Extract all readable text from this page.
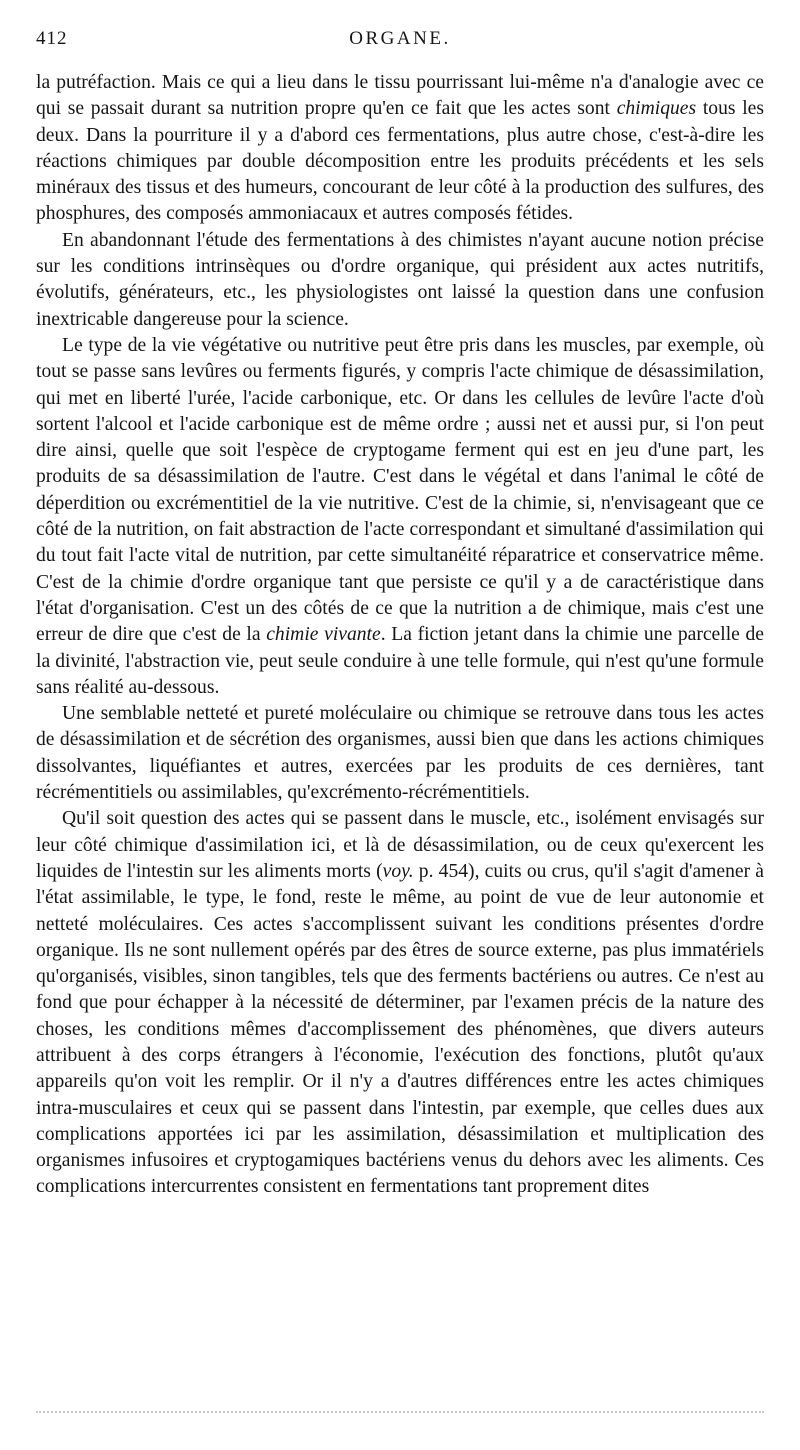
412	ORGANE.

la putréfaction. Mais ce qui a lieu dans le tissu pourrissant lui-même n'a d'analogie avec ce qui se passait durant sa nutrition propre qu'en ce fait que les actes sont chimiques tous les deux. Dans la pourriture il y a d'abord ces fermentations, plus autre chose, c'est-à-dire les réactions chimiques par double décomposition entre les produits précédents et les sels minéraux des tissus et des humeurs, concourant de leur côté à la production des sulfures, des phosphures, des composés ammoniacaux et autres composés fétides.

En abandonnant l'étude des fermentations à des chimistes n'ayant aucune notion précise sur les conditions intrinsèques ou d'ordre organique, qui président aux actes nutritifs, évolutifs, générateurs, etc., les physiologistes ont laissé la question dans une confusion inextricable dangereuse pour la science.

Le type de la vie végétative ou nutritive peut être pris dans les muscles, par exemple, où tout se passe sans levûres ou ferments figurés, y compris l'acte chimique de désassimilation, qui met en liberté l'urée, l'acide carbonique, etc. Or dans les cellules de levûre l'acte d'où sortent l'alcool et l'acide carbonique est de même ordre ; aussi net et aussi pur, si l'on peut dire ainsi, quelle que soit l'espèce de cryptogame ferment qui est en jeu d'une part, les produits de sa désassimilation de l'autre. C'est dans le végétal et dans l'animal le côté de déperdition ou excrémentitiel de la vie nutritive. C'est de la chimie, si, n'envisageant que ce côté de la nutrition, on fait abstraction de l'acte correspondant et simultané d'assimilation qui du tout fait l'acte vital de nutrition, par cette simultanéité réparatrice et conservatrice même. C'est de la chimie d'ordre organique tant que persiste ce qu'il y a de caractéristique dans l'état d'organisation. C'est un des côtés de ce que la nutrition a de chimique, mais c'est une erreur de dire que c'est de la chimie vivante. La fiction jetant dans la chimie une parcelle de la divinité, l'abstraction vie, peut seule conduire à une telle formule, qui n'est qu'une formule sans réalité au-dessous.

Une semblable netteté et pureté moléculaire ou chimique se retrouve dans tous les actes de désassimilation et de sécrétion des organismes, aussi bien que dans les actions chimiques dissolvantes, liquéfiantes et autres, exercées par les produits de ces dernières, tant récrémentitiels ou assimilables, qu'excrémento-récrémentitiels.

Qu'il soit question des actes qui se passent dans le muscle, etc., isolément envisagés sur leur côté chimique d'assimilation ici, et là de désassimilation, ou de ceux qu'exercent les liquides de l'intestin sur les aliments morts (voy. p. 454), cuits ou crus, qu'il s'agit d'amener à l'état assimilable, le type, le fond, reste le même, au point de vue de leur autonomie et netteté moléculaires. Ces actes s'accomplissent suivant les conditions présentes d'ordre organique. Ils ne sont nullement opérés par des êtres de source externe, pas plus immatériels qu'organisés, visibles, sinon tangibles, tels que des ferments bactériens ou autres. Ce n'est au fond que pour échapper à la nécessité de déterminer, par l'examen précis de la nature des choses, les conditions mêmes d'accomplissement des phénomènes, que divers auteurs attribuent à des corps étrangers à l'économie, l'exécution des fonctions, plutôt qu'aux appareils qu'on voit les remplir. Or il n'y a d'autres différences entre les actes chimiques intra-musculaires et ceux qui se passent dans l'intestin, par exemple, que celles dues aux complications apportées ici par les assimilation, désassimilation et multiplication des organismes infusoires et cryptogamiques bactériens venus du dehors avec les aliments. Ces complications intercurrentes consistent en fermentations tant proprement dites
